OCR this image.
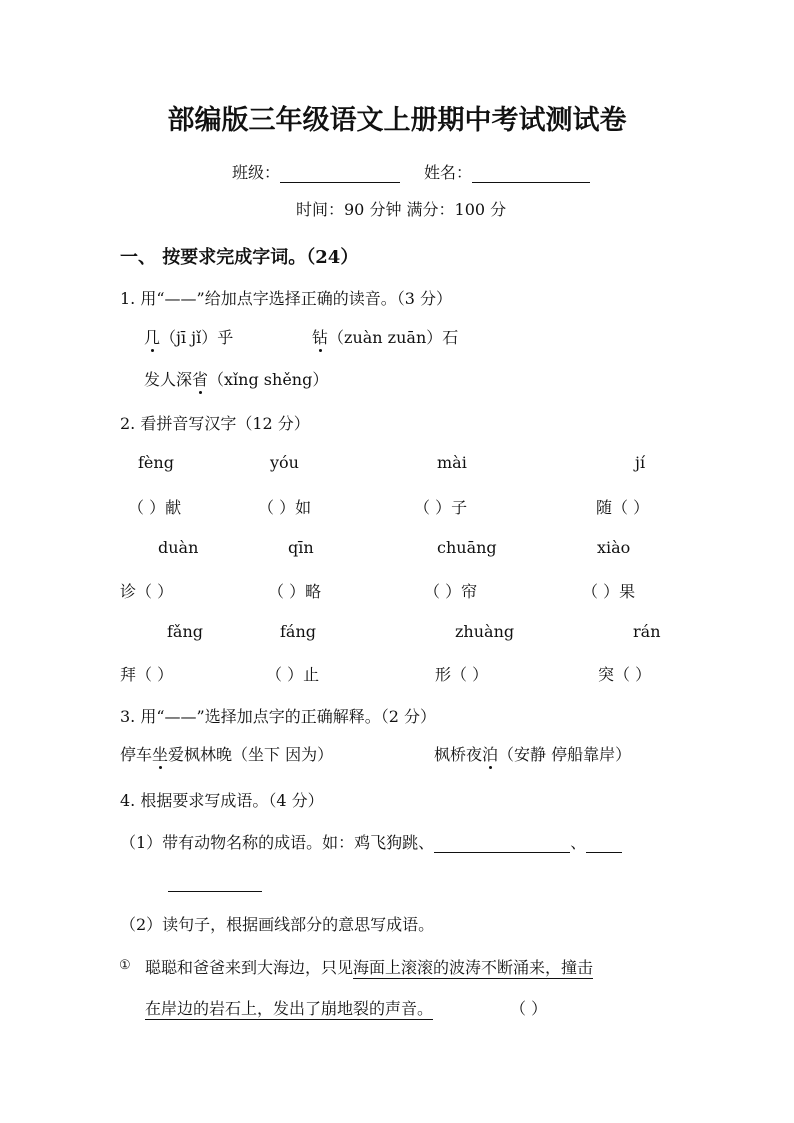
部编版三年级语文上册期中考试测试卷
班级：	姓名：
时间：90 分钟 满分：100 分
一、 按要求完成字词。（24）
1. 用“——”给加点字选择正确的读音。（3 分）
几（jī jǐ）乎	钻（zuàn zuān）石
发人深省（xǐng shěng）
2. 看拼音写汉字（12 分）
fèng	yóu	mài	jí
（ ）献	（ ）如	（ ）子	随（ ）
duàn	qīn	chuāng	xiào
诊（ ）	（ ）略	（ ）帘	（ ）果
fǎng	fáng	zhuàng	rán
拜（ ）	（ ）止	形（ ）	突（ ）
3. 用“——”选择加点字的正确解释。（2 分）
停车坐爱枫林晚（坐下 因为）	枫桥夜泊（安静 停船靠岸）
4. 根据要求写成语。（4 分）
（1）带有动物名称的成语。如：鸡飞狗跳、	、

（2）读句子，根据画线部分的意思写成语。
① 聪聪和爸爸来到大海边，只见海面上滚滚的波涛不断涌来，撞击
在岸边的岩石上，发出了崩地裂的声音。	（ ）
